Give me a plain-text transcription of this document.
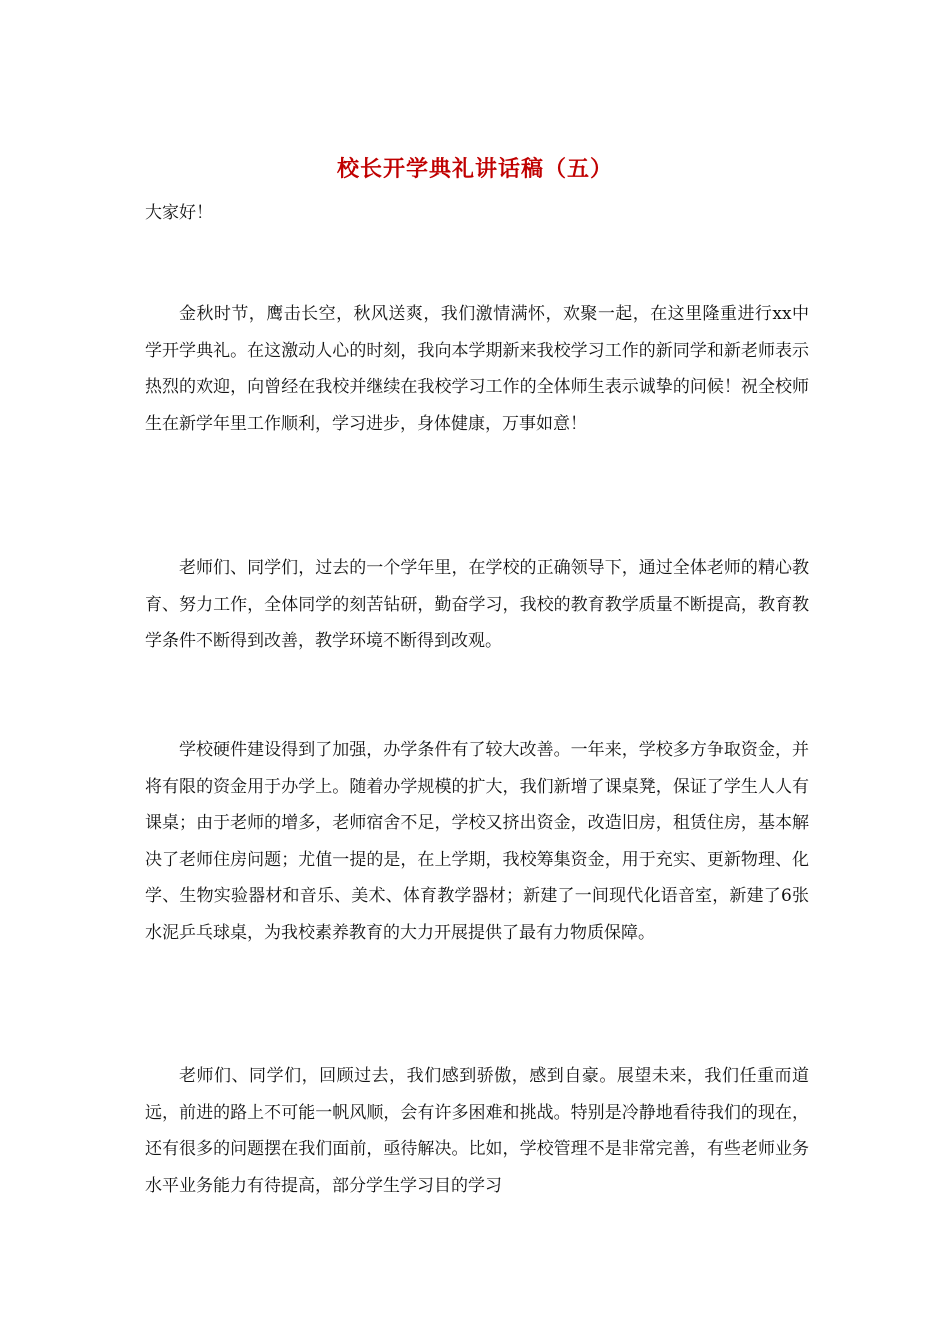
校长开学典礼讲话稿（五）

大家好！

金秋时节，鹰击长空，秋风送爽，我们激情满怀，欢聚一起，在这里隆重进行xx中学开学典礼。在这激动人心的时刻，我向本学期新来我校学习工作的新同学和新老师表示热烈的欢迎，向曾经在我校并继续在我校学习工作的全体师生表示诚挚的问候！祝全校师生在新学年里工作顺利，学习进步，身体健康，万事如意！

老师们、同学们，过去的一个学年里，在学校的正确领导下，通过全体老师的精心教育、努力工作，全体同学的刻苦钻研，勤奋学习，我校的教育教学质量不断提高，教育教学条件不断得到改善，教学环境不断得到改观。

学校硬件建设得到了加强，办学条件有了较大改善。一年来，学校多方争取资金，并将有限的资金用于办学上。随着办学规模的扩大，我们新增了课桌凳，保证了学生人人有课桌；由于老师的增多，老师宿舍不足，学校又挤出资金，改造旧房，租赁住房，基本解决了老师住房问题；尤值一提的是，在上学期，我校筹集资金，用于充实、更新物理、化学、生物实验器材和音乐、美术、体育教学器材；新建了一间现代化语音室，新建了6张水泥乒乓球桌，为我校素养教育的大力开展提供了最有力物质保障。

老师们、同学们，回顾过去，我们感到骄傲，感到自豪。展望未来，我们任重而道远，前进的路上不可能一帆风顺，会有许多困难和挑战。特别是冷静地看待我们的现在，还有很多的问题摆在我们面前，亟待解决。比如，学校管理不是非常完善，有些老师业务水平业务能力有待提高，部分学生学习目的学习
